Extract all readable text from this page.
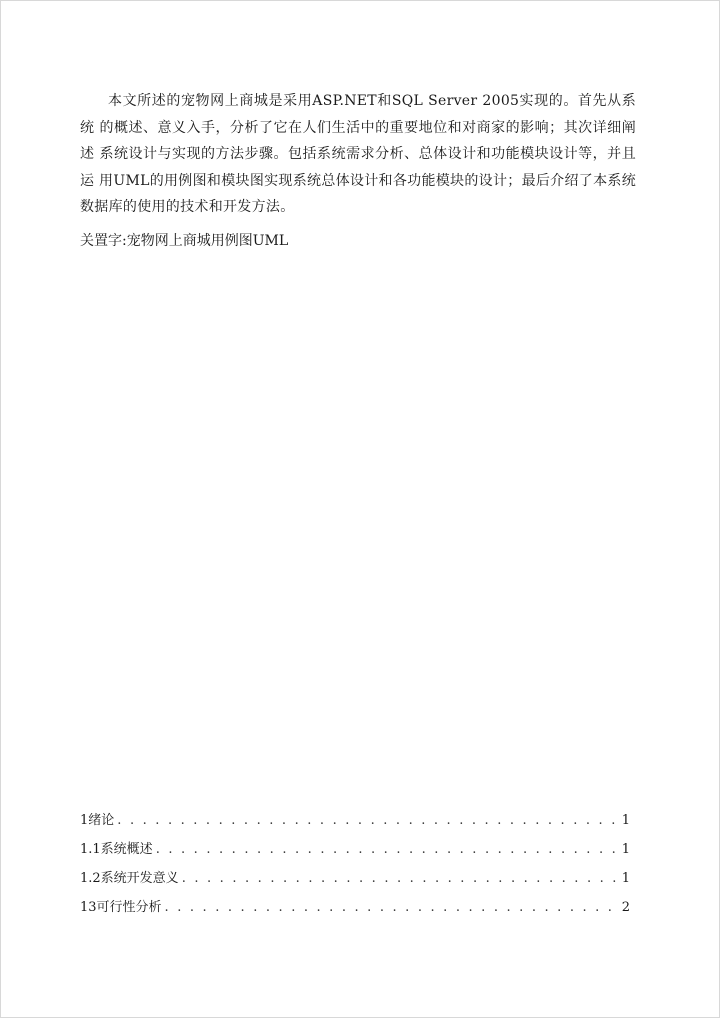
本文所述的宠物网上商城是采用ASP.NET和SQL Server 2005实现的。首先从系统 的概述、意义入手，分析了它在人们生活中的重要地位和对商家的影响；其次详细阐述 系统设计与实现的方法步骤。包括系统需求分析、总体设计和功能模块设计等，并且运 用UML的用例图和模块图实现系统总体设计和各功能模块的设计；最后介绍了本系统 数据库的使用的技术和开发方法。

关置字:宠物网上商城用例图UML

1绪论 . . .	1
1.1系统概述 . . .	1
1.2系统开发意义 . . .	1
13可行性分析 . . .	2
